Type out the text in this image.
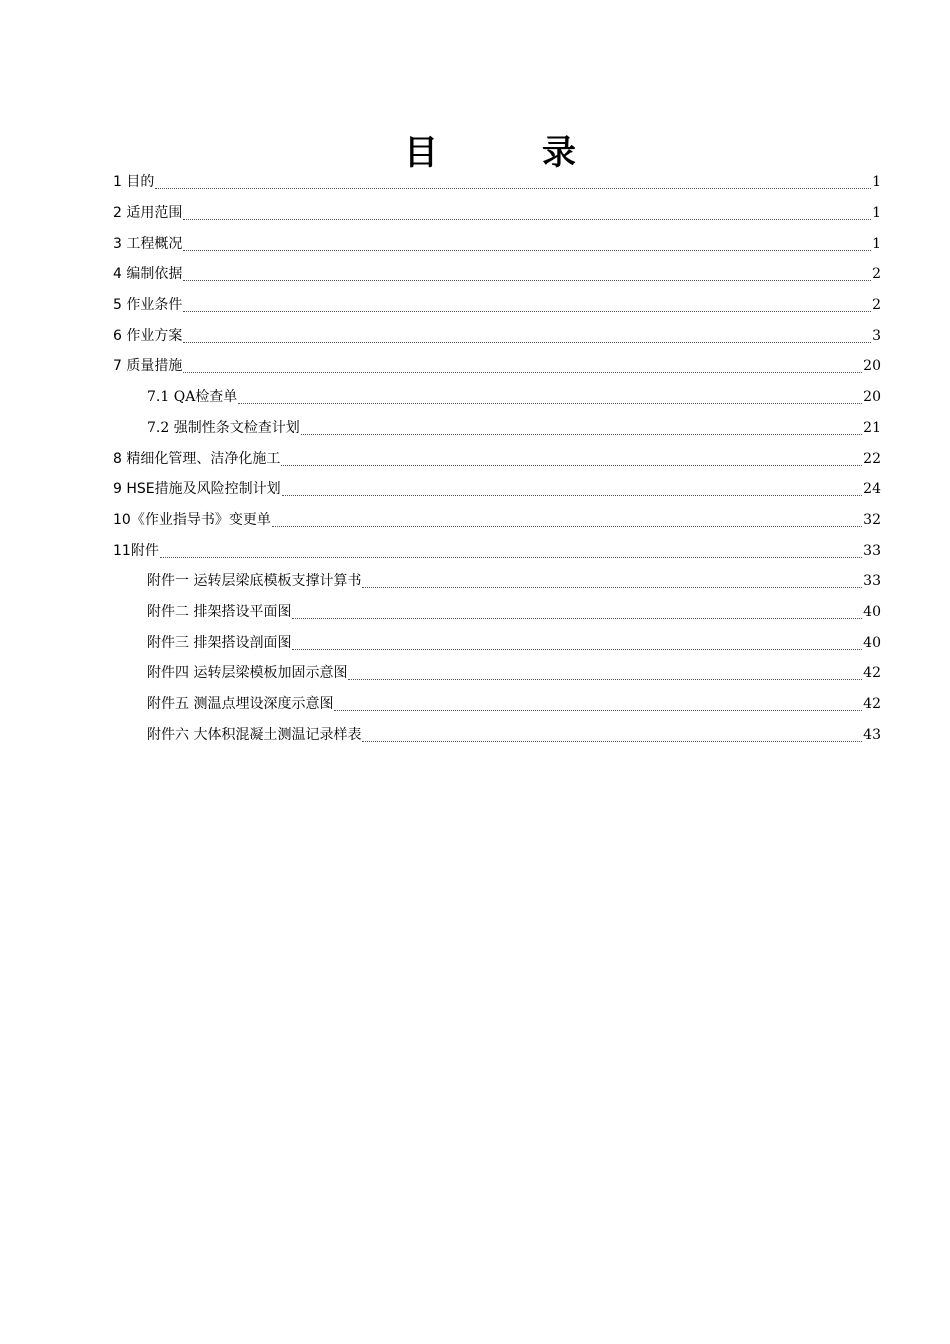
目	录
1 目的	1
2 适用范围	1
3 工程概况	1
4 编制依据	2
5 作业条件	2
6 作业方案	3
7 质量措施	20
7.1 QA检查单	20
7.2 强制性条文检查计划	21
8 精细化管理、洁净化施工	22
9 HSE措施及风险控制计划	24
10《作业指导书》变更单	32
11附件	33
附件一 运转层梁底模板支撑计算书	33
附件二 排架搭设平面图	40
附件三 排架搭设剖面图	40
附件四 运转层梁模板加固示意图	42
附件五 测温点埋设深度示意图	42
附件六 大体积混凝土测温记录样表	43
